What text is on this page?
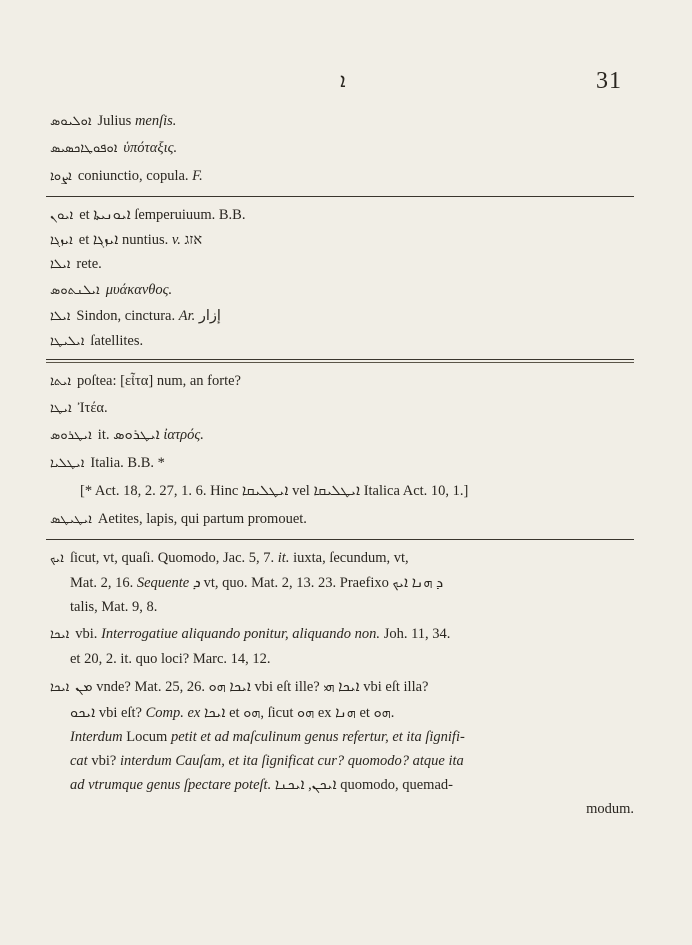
ܐ	31
ܐܘܠܝܘܣ Julius menſis.
ܐܘܦܘܛܐܟܣܝܣ ὑπόταξις.
ܐܨܘܐ coniunctio, copula. F.
ܐܝܘܢ et ܐܝܘܢܝܬܐ ſemperuiuum. B.B.
ܐܝܙܓܐ et ܐܝܙܓܐ nuntius. v. אזג
ܐܝܠܐ rete.
ܐܝܠܢܬܘܣ μυάκανθος.
ܐܝܠܐ Sindon, cinctura. Ar. إزار
ܐܝܠܝܛܐ ſatellites.
ܐܝܬܐ poſtea: [εἶτα] num, an forte?
ܐܝܛܐ Ἰτέα.
ܐܝܛܪܘܣ it. ܐܝܛܪܘܣ ἰατρός.
ܐܝܛܠܝܐ Italia. B.B. *
[* Act. 18, 2. 27, 1. 6. Hinc ܐܝܛܠܝܩܐ vel ܐܝܛܠܝܩܐ Italica Act. 10, 1.]
ܐܝܛܝܛܣ Aetites, lapis, qui partum promouet.
ܐܝܟ ſicut, vt, quaſi. Quomodo, Jac. 5, 7. it. iuxta, ſecundum, vt,
Mat. 2, 16. Sequente ܕ vt, quo. Mat. 2, 13. 23. Praefixo ܕ ܗܢܐ ܐܝܟ
talis, Mat. 9, 8.
ܐܝܟܐ vbi. Interrogatiue aliquando ponitur, aliquando non. Joh. 11, 34.
et 20, 2. it. quo loci? Marc. 14, 12.
ܐܝܟܐ ܡܢ vnde? Mat. 25, 26. ܐܝܟܐ ܗܘ vbi eſt ille? ܐܝܟܐ ܗܝ vbi eſt illa?
ܐܝܟܘ vbi eſt? Comp. ex ܐܝܟܐ et ܗܘ, ſicut ܗܘ ex ܗܢܐ et ܗܘ.
Interdum Locum petit et ad maſculinum genus refertur, et ita ſignifi-
cat vbi? interdum Cauſam, et ita ſignificat cur? quomodo? atque ita
ad vtrumque genus ſpectare poteſt. ܐܝܟܢ, ܐܝܟܢܐ quomodo, quemad-
modum.
